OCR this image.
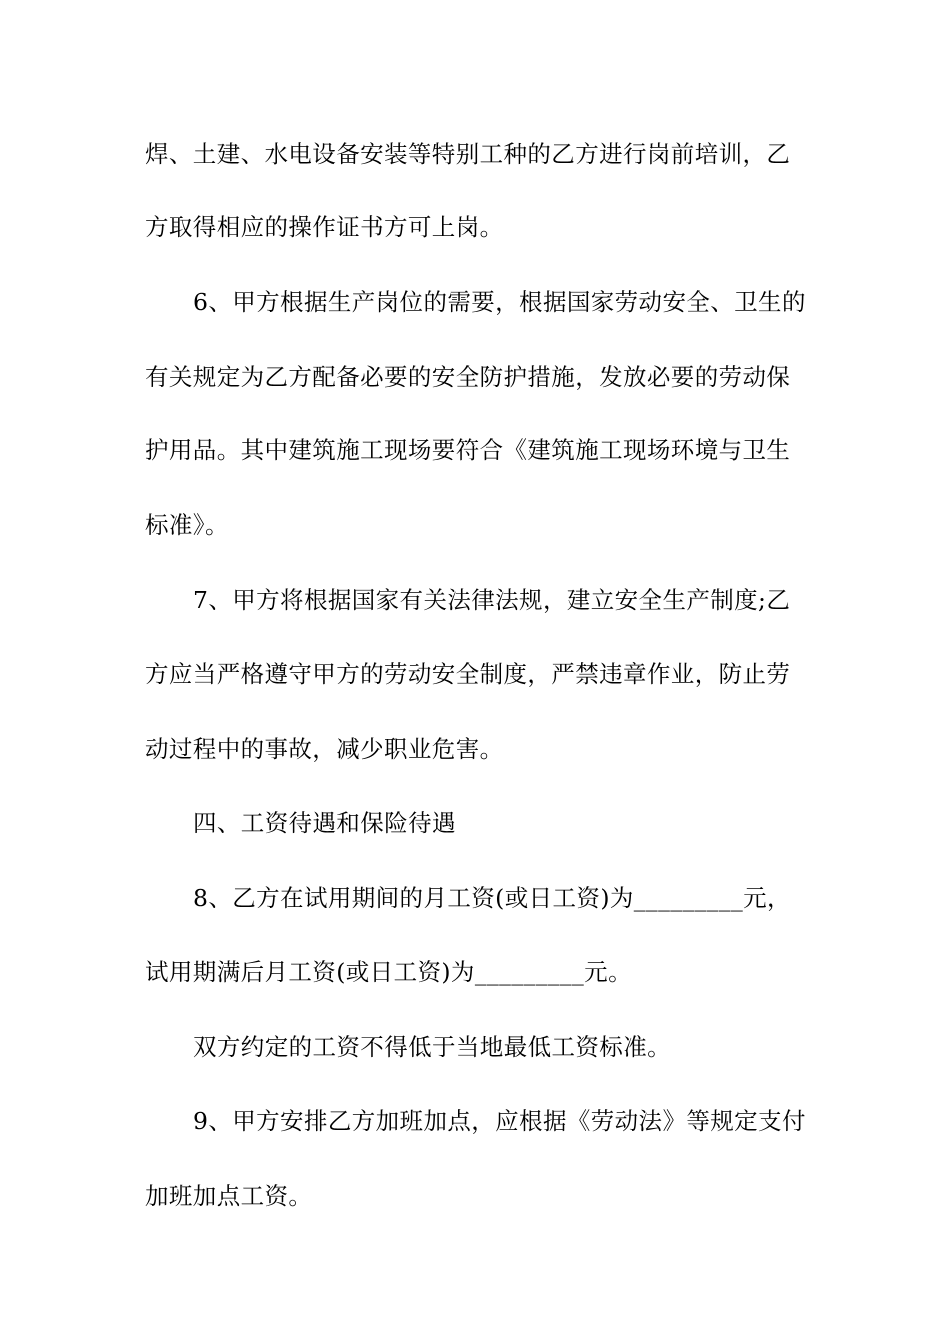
焊、土建、水电设备安装等特别工种的乙方进行岗前培训，乙
方取得相应的操作证书方可上岗。
6、甲方根据生产岗位的需要，根据国家劳动安全、卫生的
有关规定为乙方配备必要的安全防护措施，发放必要的劳动保
护用品。其中建筑施工现场要符合《建筑施工现场环境与卫生
标准》。
7、甲方将根据国家有关法律法规，建立安全生产制度;乙
方应当严格遵守甲方的劳动安全制度，严禁违章作业，防止劳
动过程中的事故，减少职业危害。
四、工资待遇和保险待遇
8、乙方在试用期间的月工资(或日工资)为_________元，
试用期满后月工资(或日工资)为_________元。
双方约定的工资不得低于当地最低工资标准。
9、甲方安排乙方加班加点，应根据《劳动法》等规定支付
加班加点工资。
